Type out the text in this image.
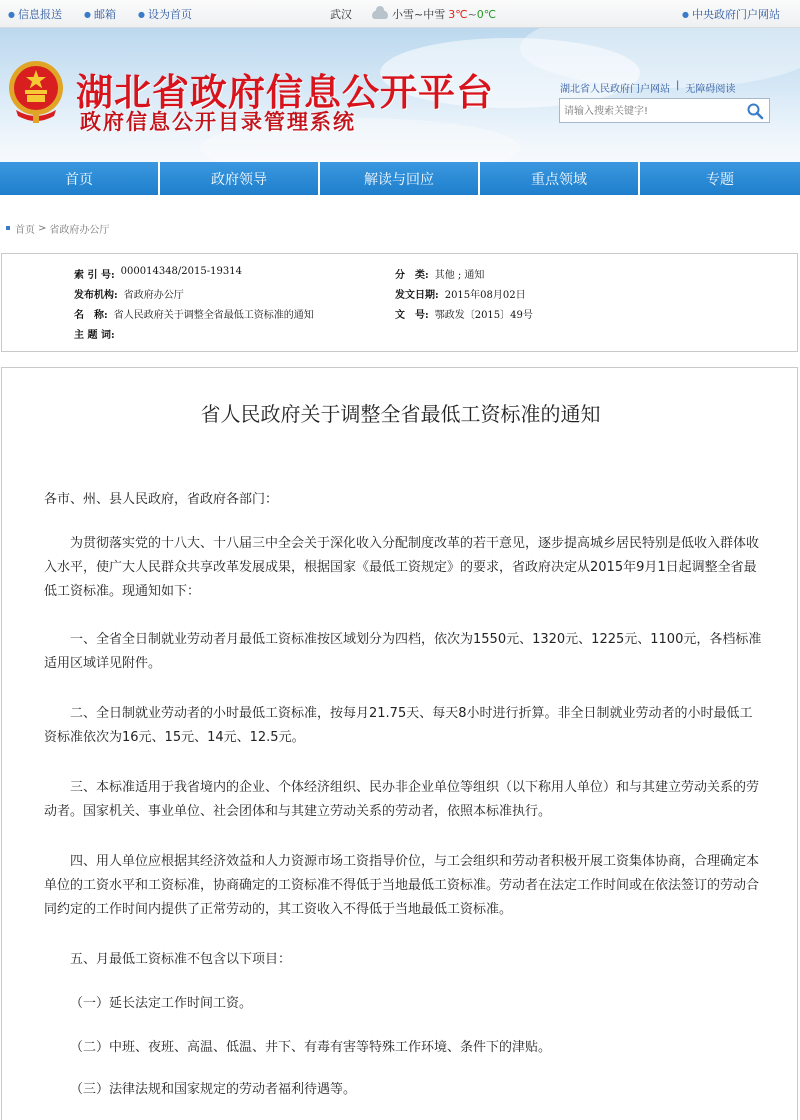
● 信息报送	● 邮箱	● 设为首页	武汉	小雪~中雪 3℃ ~ 0℃	● 中央政府门户网站
湖北省政府信息公开平台
政府信息公开目录管理系统
湖北省人民政府门户网站 | 无障碍阅读
请输入搜索关键字!
首页	政府领导	解读与回应	重点领域	专题
首页 > 省政府办公厅
索 引 号: 000014348/2015-19314	分　类: 其他 ; 通知
发布机构: 省政府办公厅	发文日期: 2015年08月02日
名　称: 省人民政府关于调整全省最低工资标准的通知	文　号: 鄂政发〔2015〕49号
主 题 词:
省人民政府关于调整全省最低工资标准的通知
各市、州、县人民政府，省政府各部门：
为贯彻落实党的十八大、十八届三中全会关于深化收入分配制度改革的若干意见，逐步提高城乡居民特别是低收入群体收入水平，使广大人民群众共享改革发展成果，根据国家《最低工资规定》的要求，省政府决定从2015年9月1日起调整全省最低工资标准。现通知如下：
一、全省全日制就业劳动者月最低工资标准按区域划分为四档，依次为1550元、1320元、1225元、1100元，各档标准适用区域详见附件。
二、全日制就业劳动者的小时最低工资标准，按每月21.75天、每天8小时进行折算。非全日制就业劳动者的小时最低工资标准依次为16元、15元、14元、12.5元。
三、本标准适用于我省境内的企业、个体经济组织、民办非企业单位等组织（以下称用人单位）和与其建立劳动关系的劳动者。国家机关、事业单位、社会团体和与其建立劳动关系的劳动者，依照本标准执行。
四、用人单位应根据其经济效益和人力资源市场工资指导价位，与工会组织和劳动者积极开展工资集体协商，合理确定本单位的工资水平和工资标准，协商确定的工资标准不得低于当地最低工资标准。劳动者在法定工作时间或在依法签订的劳动合同约定的工作时间内提供了正常劳动的，其工资收入不得低于当地最低工资标准。
五、月最低工资标准不包含以下项目：
（一）延长法定工作时间工资。
（二）中班、夜班、高温、低温、井下、有毒有害等特殊工作环境、条件下的津贴。
（三）法律法规和国家规定的劳动者福利待遇等。
